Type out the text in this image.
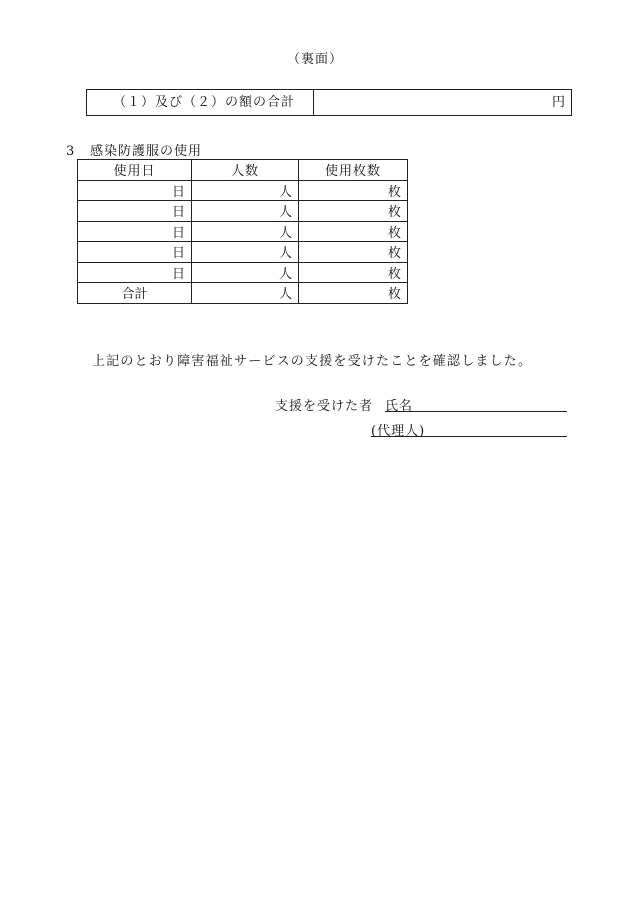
（裏面）
（１）及び（２）の額の合計	円
3 感染防護服の使用
使用日	人数	使用枚数
日	人	枚
日	人	枚
日	人	枚
日	人	枚
日	人	枚
合計	人	枚
上記のとおり障害福祉サービスの支援を受けたことを確認しました。
支援を受けた者 氏名
(代理人)
